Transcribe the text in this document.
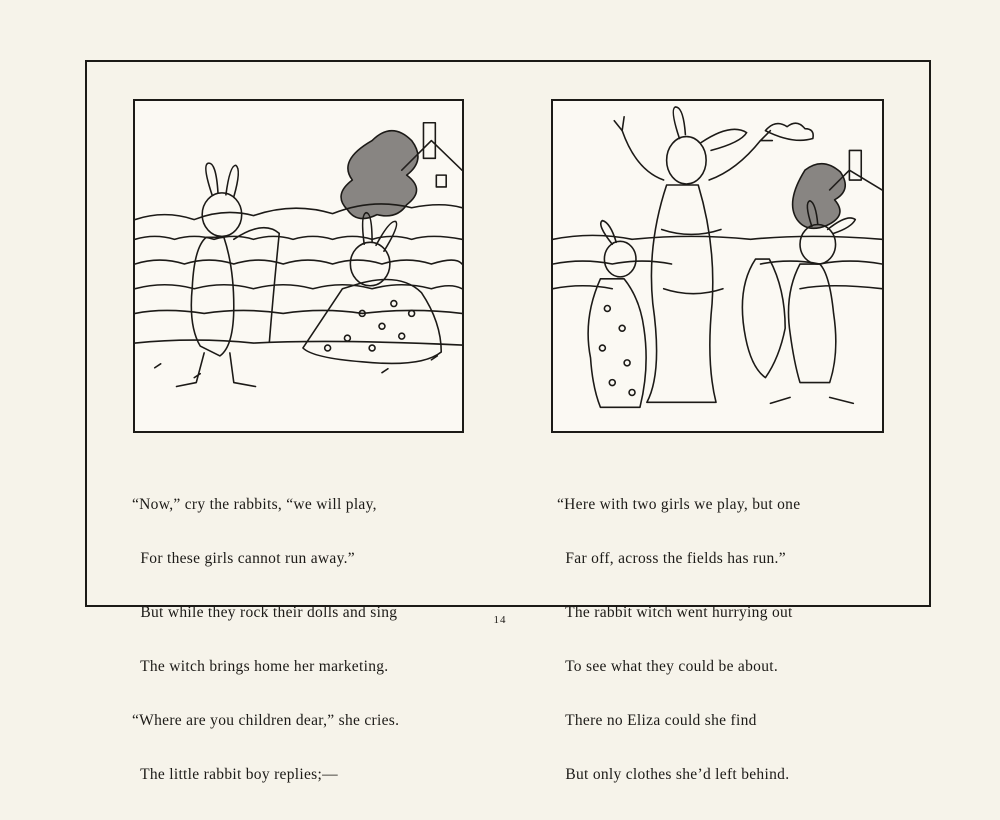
“Now,” cry the rabbits, “we will play,

For these girls cannot run away.”

But while they rock their dolls and sing

The witch brings home her marketing.

“Where are you children dear,” she cries.

The little rabbit boy replies;—

“Here with two girls we play, but one

Far off, across the fields has run.”

The rabbit witch went hurrying out

To see what they could be about.

There no Eliza could she find

But only clothes she’d left behind.

14
